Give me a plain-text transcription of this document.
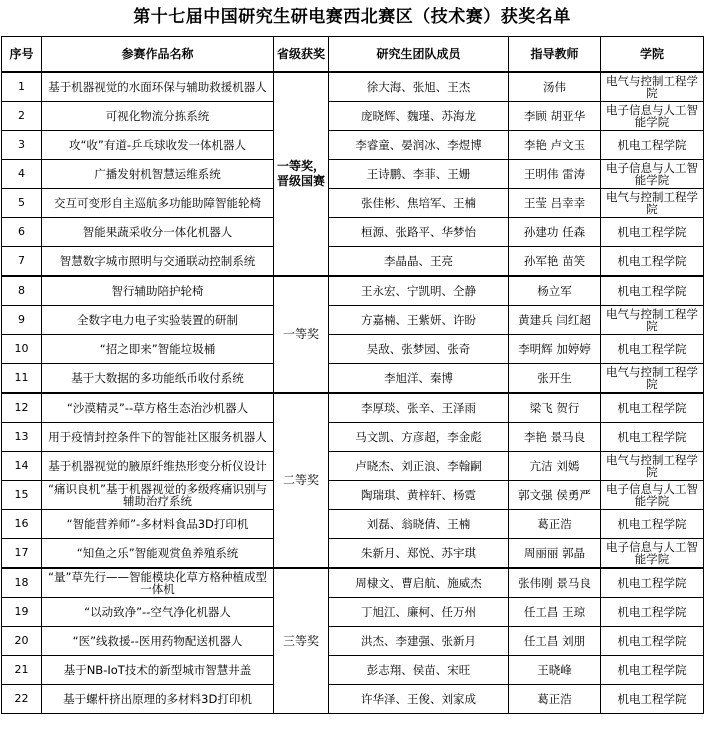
第十七届中国研究生研电赛西北赛区（技术赛）获奖名单
序号	参赛作品名称	省级获奖	研究生团队成员	指导教师	学院
1	基于机器视觉的水面环保与辅助救援机器人	一等奖，晋级国赛	徐大海、张旭、王杰	汤伟	电气与控制工程学院
2	可视化物流分拣系统		庞晓辉、魏瑾、苏海龙	李顾 胡亚华	电子信息与人工智能学院
3	攻“收”有道-乒乓球收发一体机器人		李睿童、晏润冰、李煜博	李艳 卢文玉	机电工程学院
4	广播发射机智慧运维系统		王诗鹏、李菲、王姗	王明伟 雷涛	电子信息与人工智能学院
5	交互可变形自主巡航多功能助障智能轮椅		张佳彬、焦培军、王楠	王莹 吕幸幸	电气与控制工程学院
6	智能果蔬采收分一体化机器人		桓源、张路平、华梦怡	孙建功 任森	机电工程学院
7	智慧数字城市照明与交通联动控制系统		李晶晶、王亮	孙军艳 苗笑	机电工程学院
8	智行辅助陪护轮椅	一等奖	王永宏、宁凯明、仝静	杨立军	机电工程学院
9	全数字电力电子实验装置的研制		方嘉楠、王紫妍、许盼	黄建兵 闫红超	电气与控制工程学院
10	“招之即来”智能垃圾桶		吴敌、张梦园、张奇	李明辉 加婷婷	机电工程学院
11	基于大数据的多功能纸币收付系统		李旭洋、秦博	张开生	电气与控制工程学院
12	“沙漠精灵”--草方格生态治沙机器人	二等奖	李厚琰、张辛、王泽雨	梁飞 贺行	机电工程学院
13	用于疫情封控条件下的智能社区服务机器人		马文凯、方彦超，李金彪	李艳 景马良	机电工程学院
14	基于机器视觉的腋原纤维热形变分析仪设计		卢晓杰、刘正浪、李翰嗣	亢洁 刘嫣	电气与控制工程学院
15	“痛识良机”基于机器视觉的多级疼痛识别与辅助治疗系统		陶瑞琪、黄梓轩、杨霓	郭文强 侯勇严	电子信息与人工智能学院
16	“智能营养师”-多材料食品3D打印机		刘磊、翁晓倩、王楠	葛正浩	机电工程学院
17	“知鱼之乐”智能观赏鱼养殖系统		朱新月、郑悦、苏宇琪	周丽丽 郭晶	电子信息与人工智能学院
18	“量”草先行——智能模块化草方格种植成型一体机	三等奖	周棣文、曹启航、施威杰	张伟刚 景马良	机电工程学院
19	“以动致净”--空气净化机器人		丁旭江、廉柯、任万州	任工昌 王琼	机电工程学院
20	“医”线救援--医用药物配送机器人		洪杰、李建强、张新月	任工昌 刘朋	机电工程学院
21	基于NB-IoT技术的新型城市智慧井盖		彭志翔、侯苗、宋旺	王晓峰	机电工程学院
22	基于螺杆挤出原理的多材料3D打印机		许华泽、王俊、刘家成	葛正浩	机电工程学院
